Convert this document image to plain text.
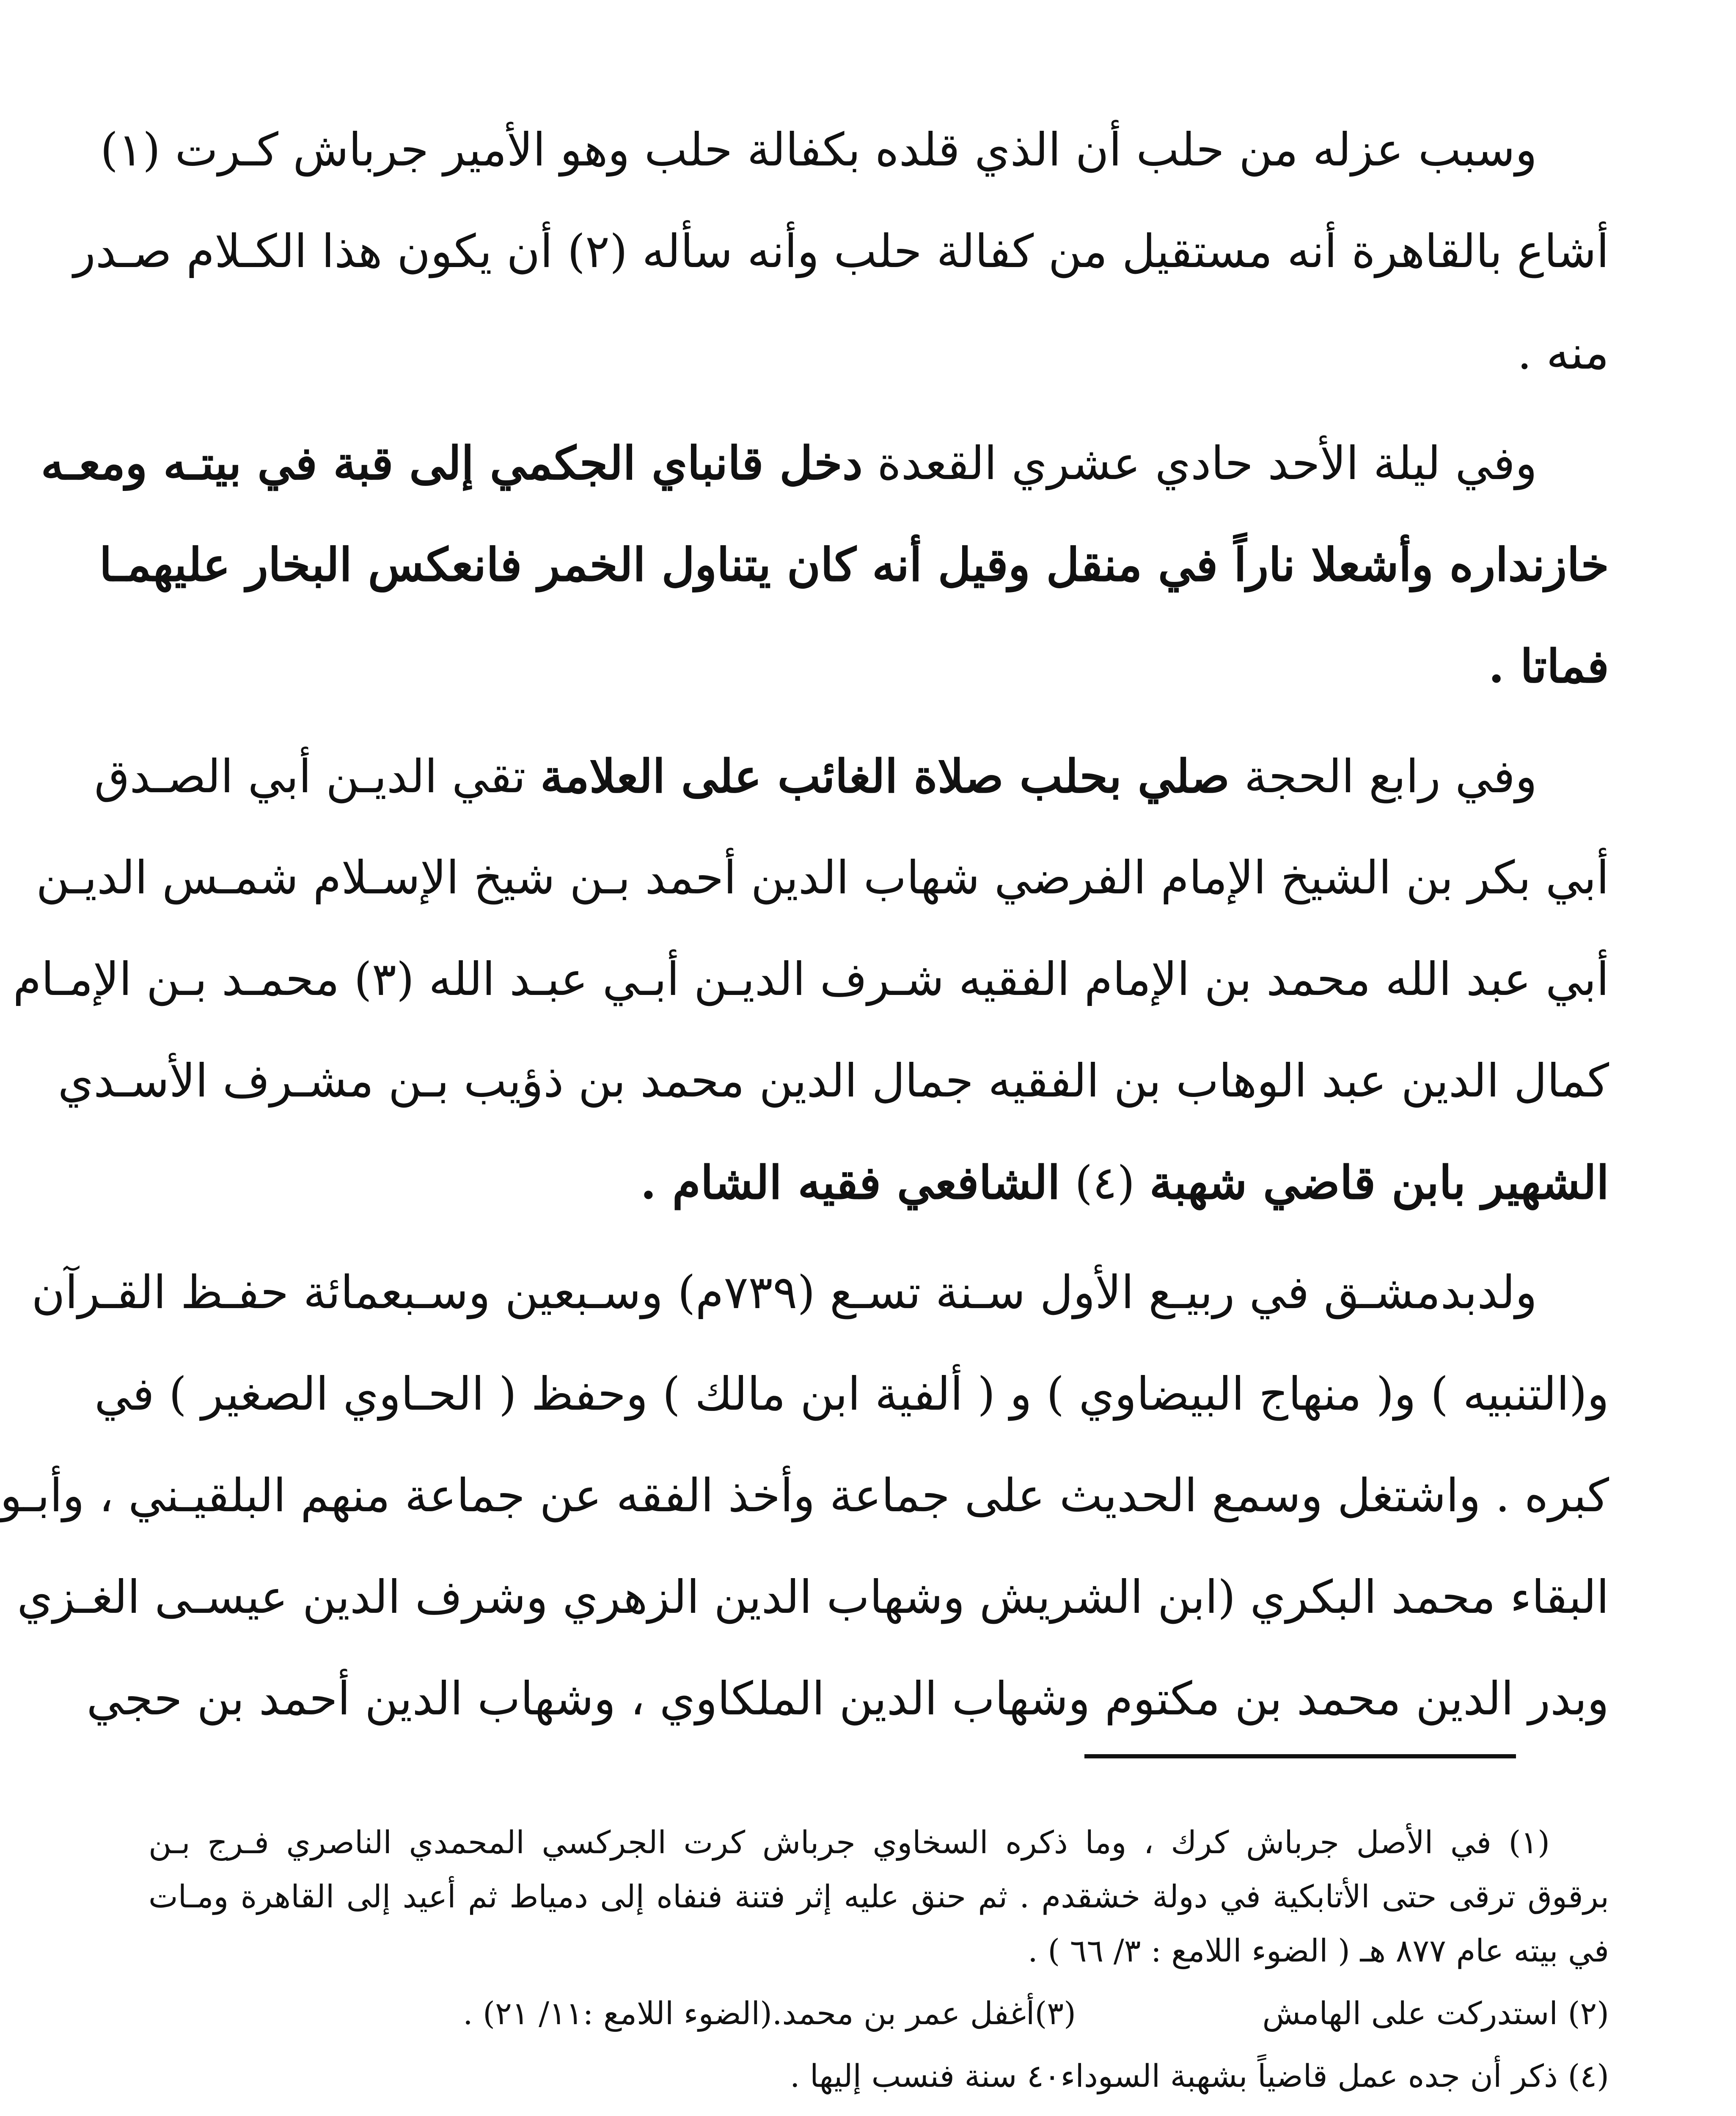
وسبب عزله من حلب أن الذي قلده بكفالة حلب وهو الأمير جرباش كـرت (١)
أشاع بالقاهرة أنه مستقيل من كفالة حلب وأنه سأله (٢) أن يكون هذا الكـلام صـدر
منه .
وفي ليلة الأحد حادي عشري القعدة دخل قانباي الجكمي إلى قبة في بيتـه ومعـه
خازنداره وأشعلا ناراً في منقل وقيل أنه كان يتناول الخمر فانعكس البخار عليهمـا
فماتا .
وفي رابع الحجة صلي بحلب صلاة الغائب على العلامة تقي الديـن أبي الصـدق
أبي بكر بن الشيخ الإمام الفرضي شهاب الدين أحمد بـن شيخ الإسـلام شمـس الديـن
أبي عبد الله محمد بن الإمام الفقيه شـرف الديـن أبـي عبـد الله (٣) محمـد بـن الإمـام
كمال الدين عبد الوهاب بن الفقيه جمال الدين محمد بن ذؤيب بـن مشـرف الأسـدي
الشهير بابن قاضي شهبة (٤) الشافعي فقيه الشام .
ولدبدمشـق في ربيـع الأول سـنة تسـع (٧٣٩م) وسـبعين وسـبعمائة حفـظ القـرآن
و(التنبيه ) و( منهاج البيضاوي ) و ( ألفية ابن مالك ) وحفظ ( الحـاوي الصغير ) في
كبره . واشتغل وسمع الحديث على جماعة وأخذ الفقه عن جماعة منهم البلقيـني ، وأبـو
البقاء محمد البكري (ابن الشريش وشهاب الدين الزهري وشرف الدين عيسـى الغـزي
وبدر الدين محمد بن مكتوم وشهاب الدين الملكاوي ، وشهاب الدين أحمد بن حجي
(١) في الأصل جرباش كرك ، وما ذكره السخاوي جرباش كرت الجركسي المحمدي الناصري فـرج بـن
برقوق ترقى حتى الأتابكية في دولة خشقدم . ثم حنق عليه إثر فتنة فنفاه إلى دمياط ثم أعيد إلى القاهرة ومـات
في بيته عام ٨٧٧ هـ ( الضوء اللامع : ٣/ ٦٦ ) .
(٢) استدركت على الهامش
(٣)أغفل عمر بن محمد.(الضوء اللامع :١١/ ٢١) .
(٤) ذكر أن جده عمل قاضياً بشهبة السوداء٤٠ سنة فنسب إليها .
